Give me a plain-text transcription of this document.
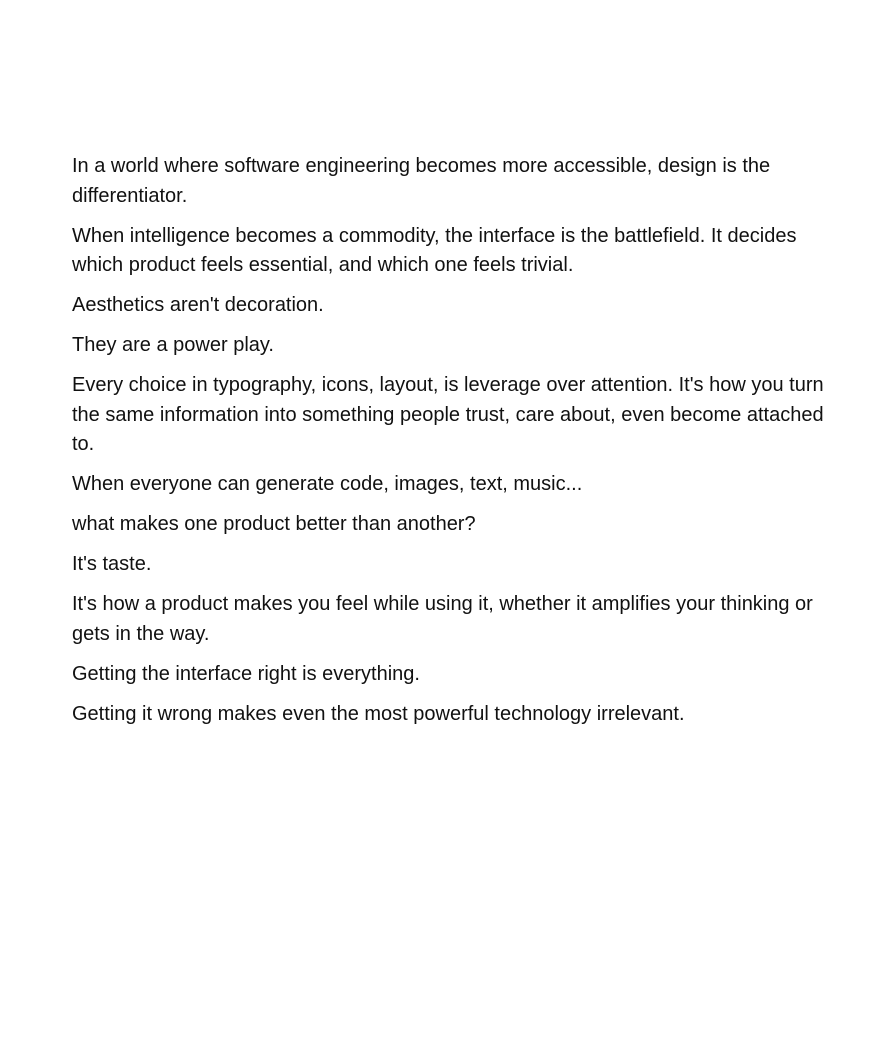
In a world where software engineering becomes more accessible, design is the differentiator.

When intelligence becomes a commodity, the interface is the battlefield. It decides which product feels essential, and which one feels trivial.

Aesthetics aren't decoration.

They are a power play.

Every choice in typography, icons, layout, is leverage over attention. It's how you turn the same information into something people trust, care about, even become attached to.

When everyone can generate code, images, text, music...

what makes one product better than another?

It's taste.

It's how a product makes you feel while using it, whether it amplifies your thinking or gets in the way.

Getting the interface right is everything.

Getting it wrong makes even the most powerful technology irrelevant.
